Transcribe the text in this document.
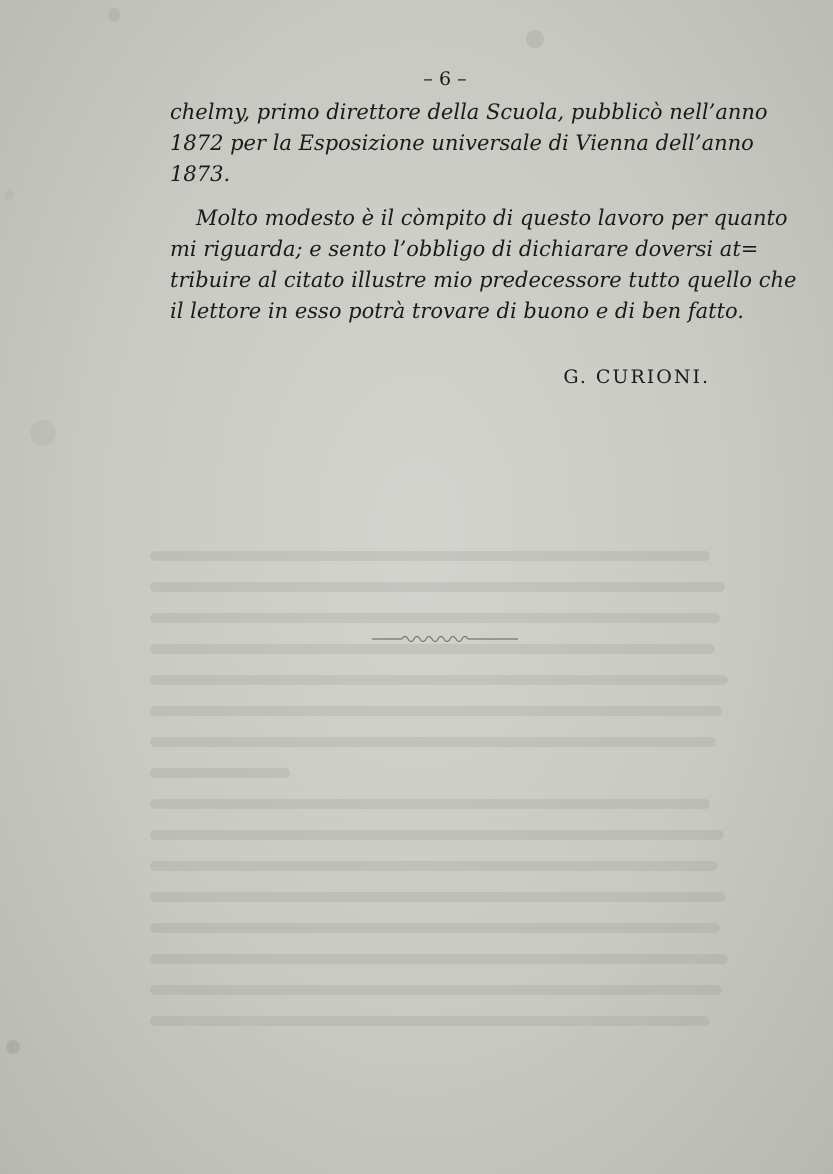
– 6 –
chelmy, primo direttore della Scuola, pubblicò nell’anno
1872 per la Esposizione universale di Vienna dell’anno
1873.
Molto modesto è il còmpito di questo lavoro per quanto
mi riguarda; e sento l’obbligo di dichiarare doversi at=
tribuire al citato illustre mio predecessore tutto quello che
il lettore in esso potrà trovare di buono e di ben fatto.
G. CURIONI.
